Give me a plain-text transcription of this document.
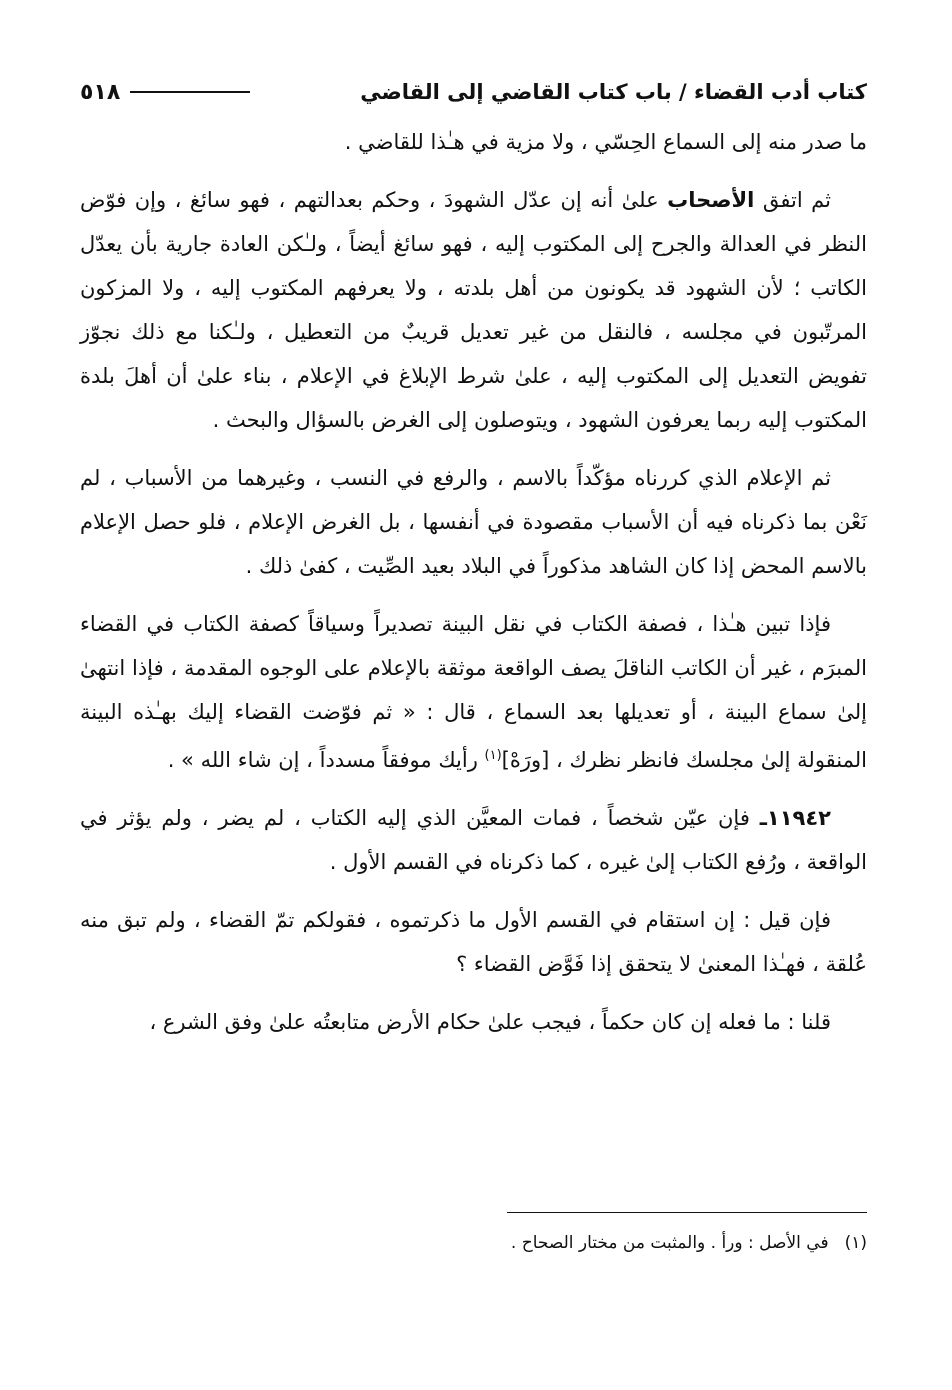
كتاب أدب القضاء / باب كتاب القاضي إلى القاضي
٥١٨

ما صدر منه إلى السماع الحِسّي ، ولا مزية في هـٰذا للقاضي .

ثم اتفق الأصحاب علىٰ أنه إن عدّل الشهودَ ، وحكم بعدالتهم ، فهو سائغ ، وإن فوّض النظر في العدالة والجرح إلى المكتوب إليه ، فهو سائغ أيضاً ، ولـٰكن العادة جارية بأن يعدّل الكاتب ؛ لأن الشهود قد يكونون من أهل بلدته ، ولا يعرفهم المكتوب إليه ، ولا المزكون المرتّبون في مجلسه ، فالنقل من غير تعديل قريبٌ من التعطيل ، ولـٰكنا مع ذلك نجوّز تفويض التعديل إلى المكتوب إليه ، علىٰ شرط الإبلاغ في الإعلام ، بناء علىٰ أن أهلَ بلدة المكتوب إليه ربما يعرفون الشهود ، ويتوصلون إلى الغرض بالسؤال والبحث .

ثم الإعلام الذي كررناه مؤكّداً بالاسم ، والرفع في النسب ، وغيرهما من الأسباب ، لم نَعْن بما ذكرناه فيه أن الأسباب مقصودة في أنفسها ، بل الغرض الإعلام ، فلو حصل الإعلام بالاسم المحض إذا كان الشاهد مذكوراً في البلاد بعيد الصِّيت ، كفىٰ ذلك .

فإذا تبين هـٰذا ، فصفة الكتاب في نقل البينة تصديراً وسياقاً كصفة الكتاب في القضاء المبرَم ، غير أن الكاتب الناقلَ يصف الواقعة موثقة بالإعلام على الوجوه المقدمة ، فإذا انتهىٰ إلىٰ سماع البينة ، أو تعديلها بعد السماع ، قال : « ثم فوّضت القضاء إليك بهـٰذه البينة المنقولة إلىٰ مجلسك فانظر نظرك ، [ورَهْ]$^{(١)}$ رأيك موفقاً مسدداً ، إن شاء الله » .

١١٩٤٢ـ فإن عيّن شخصاً ، فمات المعيَّن الذي إليه الكتاب ، لم يضر ، ولم يؤثر في الواقعة ، ورُفع الكتاب إلىٰ غيره ، كما ذكرناه في القسم الأول .

فإن قيل : إن استقام في القسم الأول ما ذكرتموه ، فقولكم تمّ القضاء ، ولم تبق منه عُلقة ، فهـٰذا المعنىٰ لا يتحقق إذا فَوَّض القضاء ؟

قلنا : ما فعله إن كان حكماً ، فيجب علىٰ حكام الأرض متابعتُه علىٰ وفق الشرع ،

(١)في الأصل : ورأ . والمثبت من مختار الصحاح .
